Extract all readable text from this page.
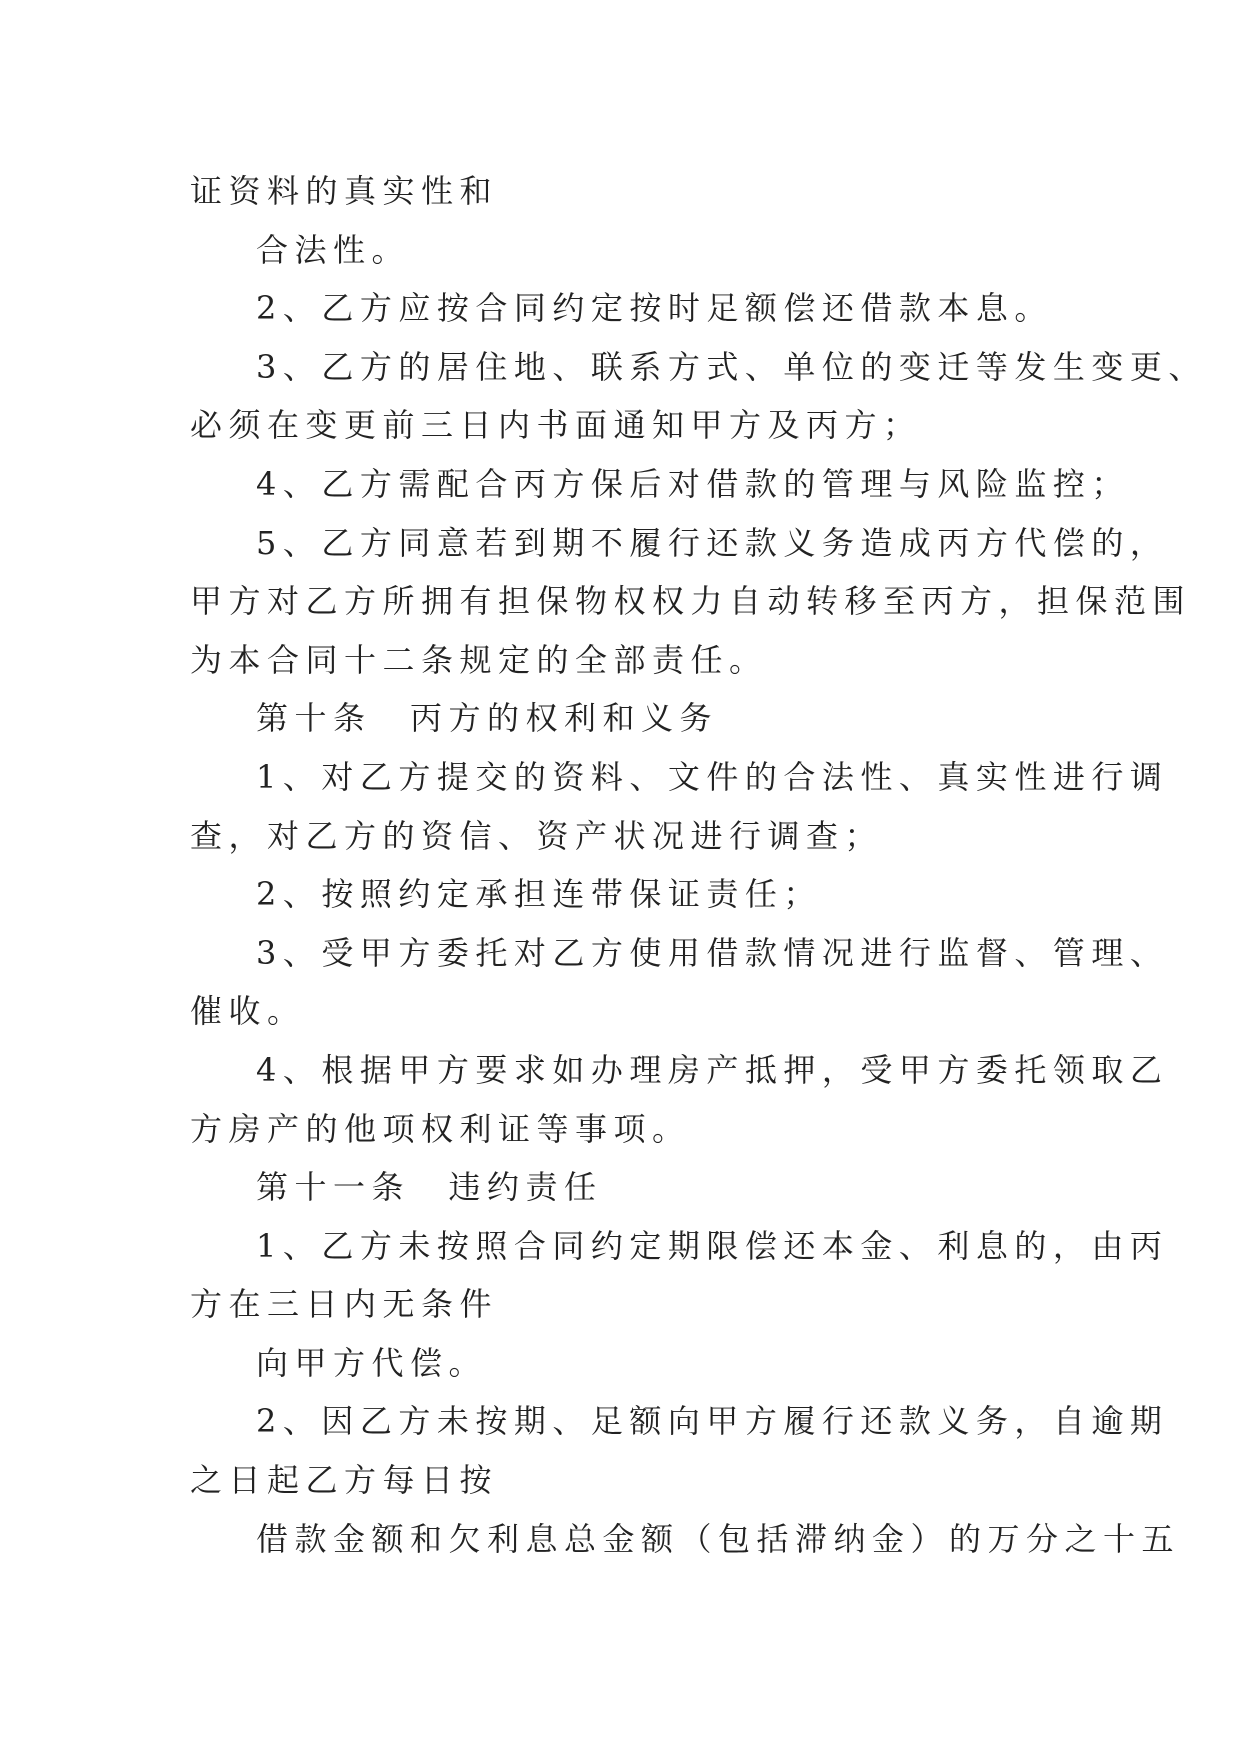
证资料的真实性和
合法性。
2、乙方应按合同约定按时足额偿还借款本息。
3、乙方的居住地、联系方式、单位的变迁等发生变更、
必须在变更前三日内书面通知甲方及丙方；
4、乙方需配合丙方保后对借款的管理与风险监控；
5、乙方同意若到期不履行还款义务造成丙方代偿的，
甲方对乙方所拥有担保物权权力自动转移至丙方，担保范围
为本合同十二条规定的全部责任。
第十条　丙方的权利和义务
1、对乙方提交的资料、文件的合法性、真实性进行调
查，对乙方的资信、资产状况进行调查；
2、按照约定承担连带保证责任；
3、受甲方委托对乙方使用借款情况进行监督、管理、
催收。
4、根据甲方要求如办理房产抵押，受甲方委托领取乙
方房产的他项权利证等事项。
第十一条　违约责任
1、乙方未按照合同约定期限偿还本金、利息的，由丙
方在三日内无条件
向甲方代偿。
2、因乙方未按期、足额向甲方履行还款义务，自逾期
之日起乙方每日按
借款金额和欠利息总金额（包括滞纳金）的万分之十五
